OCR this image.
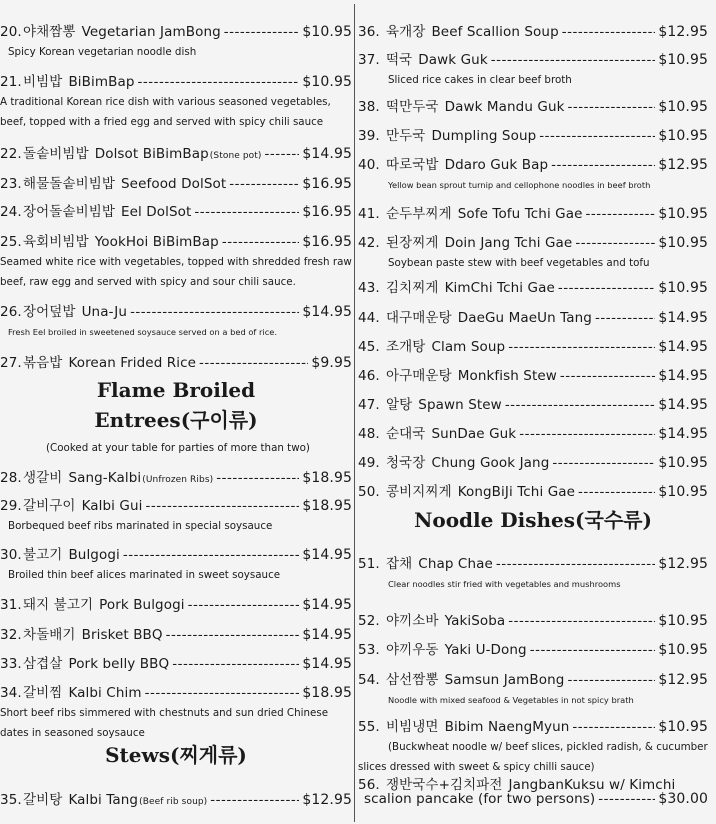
20. 야채짬뽕 Vegetarian JamBong -----	$10.95
Spicy Korean vegetarian noodle dish
21. 비빔밥 BiBimBap -----	$10.95
A traditional Korean rice dish with various seasoned vegetables, beef, topped with a fried egg and served with spicy chili sauce
22. 돌솥비빔밥 Dolsot BiBimBap (Stone pot) -----	$14.95
23. 해물돌솥비빔밥 Seefood DolSot -----	$16.95
24. 장어돌솥비빔밥 Eel DolSot -----	$16.95
25. 육회비빔밥 YookHoi BiBimBap -----	$16.95
Seamed white rice with vegetables, topped with shredded fresh raw beef, raw egg and served with spicy and sour chili sauce.
26. 장어덮밥 Una-Ju -----	$14.95
Fresh Eel broiled in sweetened soysauce served on a bed of rice.
27. 볶음밥 Korean Frided Rice -----	$9.95
28. 생갈비 Sang-Kalbi (Unfrozen Ribs) -----	$18.95
29. 갈비구이 Kalbi Gui -----	$18.95
Borbequed beef ribs marinated in special soysauce
30. 불고기 Bulgogi -----	$14.95
Broiled thin beef alices marinated in sweet soysauce
31. 돼지 불고기 Pork Bulgogi -----	$14.95
32. 차돌배기 Brisket BBQ -----	$14.95
33. 삼겹살 Pork belly BBQ -----	$14.95
34. 갈비찜 Kalbi Chim -----	$18.95
Short beef ribs simmered with chestnuts and sun dried Chinese dates in seasoned soysauce
35. 갈비탕 Kalbi Tang (Beef rib soup) -----	$12.95
36. 육개장 Beef Scallion Soup -----	$12.95
37. 떡국 Dawk Guk -----	$10.95
Sliced rice cakes in clear beef broth
38. 떡만두국 Dawk Mandu Guk -----	$10.95
39. 만두국 Dumpling Soup -----	$10.95
40. 따로국밥 Ddaro Guk Bap -----	$12.95
Yellow bean sprout turnip and cellophone noodles in beef broth
41. 순두부찌게 Sofe Tofu Tchi Gae -----	$10.95
42. 된장찌게 Doin Jang Tchi Gae -----	$10.95
Soybean paste stew with beef vegetables and tofu
43. 김치찌게 KimChi Tchi Gae -----	$10.95
44. 대구매운탕 DaeGu MaeUn Tang -----	$14.95
45. 조개탕 Clam Soup -----	$14.95
46. 아구매운탕 Monkfish Stew -----	$14.95
47. 알탕 Spawn Stew -----	$14.95
48. 순대국 SunDae Guk -----	$14.95
49. 청국장 Chung Gook Jang -----	$10.95
50. 콩비지찌게 KongBiJi Tchi Gae -----	$10.95
51. 잡채 Chap Chae -----	$12.95
Clear noodles stir fried with vegetables and mushrooms
52. 야끼소바 YakiSoba -----	$10.95
53. 야끼우동 Yaki U-Dong -----	$10.95
54. 삼선짬뽕 Samsun JamBong -----	$12.95
Noodle with mixed seafood & Vegetables in not spicy brath
55. 비빔냉면 Bibim NaengMyun -----	$10.95
(Buckwheat noodle w/ beef slices, pickled radish, & cucumber slices dressed with sweet & spicy chilli sauce)
56. 쟁반국수+김치파전 JangbanKuksu w/ Kimchi
scalion pancake (for two persons) -----	$30.00
Flame Broiled
Entrees(구이류)
(Cooked at your table for parties of more than two)
Stews(찌게류)
Noodle Dishes(국수류)
